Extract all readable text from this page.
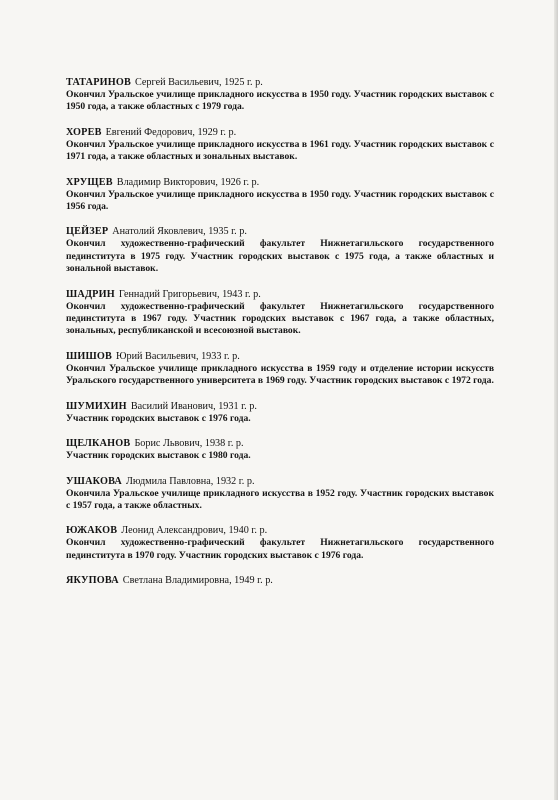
ТАТАРИНОВ Сергей Васильевич, 1925 г. р.
Окончил Уральское училище прикладного искусства в 1950 году. Участник городских выставок с 1950 года, а также областных с 1979 года.
ХОРЕВ Евгений Федорович, 1929 г. р.
Окончил Уральское училище прикладного искусства в 1961 году. Участник городских выставок с 1971 года, а также областных и зональных выставок.
ХРУЩЕВ Владимир Викторович, 1926 г. р.
Окончил Уральское училище прикладного искусства в 1950 году. Участник городских выставок с 1956 года.
ЦЕЙЗЕР Анатолий Яковлевич, 1935 г. р.
Окончил художественно-графический факультет Нижнетагильского государственного пединститута в 1975 году. Участник городских выставок с 1975 года, а также областных и зональной выставок.
ШАДРИН Геннадий Григорьевич, 1943 г. р.
Окончил художественно-графический факультет Нижнетагильского государственного пединститута в 1967 году. Участник городских выставок с 1967 года, а также областных, зональных, республиканской и всесоюзной выставок.
ШИШОВ Юрий Васильевич, 1933 г. р.
Окончил Уральское училище прикладного искусства в 1959 году и отделение истории искусств Уральского государственного университета в 1969 году. Участник городских выставок с 1972 года.
ШУМИХИН Василий Иванович, 1931 г. р.
Участник городских выставок с 1976 года.
ЩЕЛКАНОВ Борис Львович, 1938 г. р.
Участник городских выставок с 1980 года.
УШАКОВА Людмила Павловна, 1932 г. р.
Окончила Уральское училище прикладного искусства в 1952 году. Участник городских выставок с 1957 года, а также областных.
ЮЖАКОВ Леонид Александрович, 1940 г. р.
Окончил художественно-графический факультет Нижнетагильского государственного пединститута в 1970 году. Участник городских выставок с 1976 года.
ЯКУПОВА Светлана Владимировна, 1949 г. р.
